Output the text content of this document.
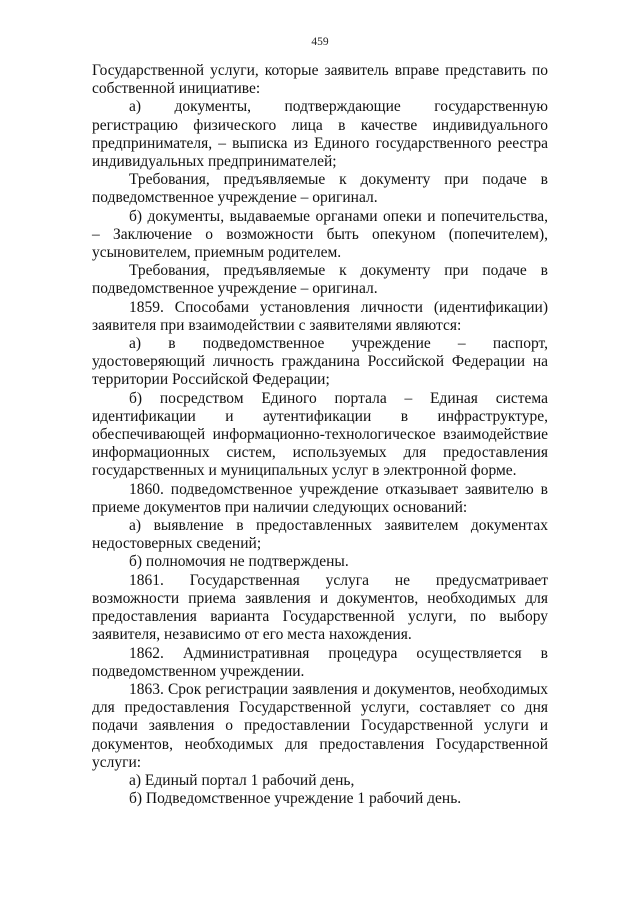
459

Государственной услуги, которые заявитель вправе представить по собственной инициативе:

а) документы, подтверждающие государственную регистрацию физического лица в качестве индивидуального предпринимателя, – выписка из Единого государственного реестра индивидуальных предпринимателей;

Требования, предъявляемые к документу при подаче в подведомственное учреждение – оригинал.

б) документы, выдаваемые органами опеки и попечительства, – Заключение о возможности быть опекуном (попечителем), усыновителем, приемным родителем.

Требования, предъявляемые к документу при подаче в подведомственное учреждение – оригинал.

1859. Способами установления личности (идентификации) заявителя при взаимодействии с заявителями являются:

а) в подведомственное учреждение – паспорт, удостоверяющий личность гражданина Российской Федерации на территории Российской Федерации;

б) посредством Единого портала – Единая система идентификации и аутентификации в инфраструктуре, обеспечивающей информационно-технологическое взаимодействие информационных систем, используемых для предоставления государственных и муниципальных услуг в электронной форме.

1860. подведомственное учреждение отказывает заявителю в приеме документов при наличии следующих оснований:

а) выявление в предоставленных заявителем документах недостоверных сведений;

б) полномочия не подтверждены.

1861. Государственная услуга не предусматривает возможности приема заявления и документов, необходимых для предоставления варианта Государственной услуги, по выбору заявителя, независимо от его места нахождения.

1862. Административная процедура осуществляется в подведомственном учреждении.

1863. Срок регистрации заявления и документов, необходимых для предоставления Государственной услуги, составляет со дня подачи заявления о предоставлении Государственной услуги и документов, необходимых для предоставления Государственной услуги:

а) Единый портал 1 рабочий день,

б) Подведомственное учреждение 1 рабочий день.
